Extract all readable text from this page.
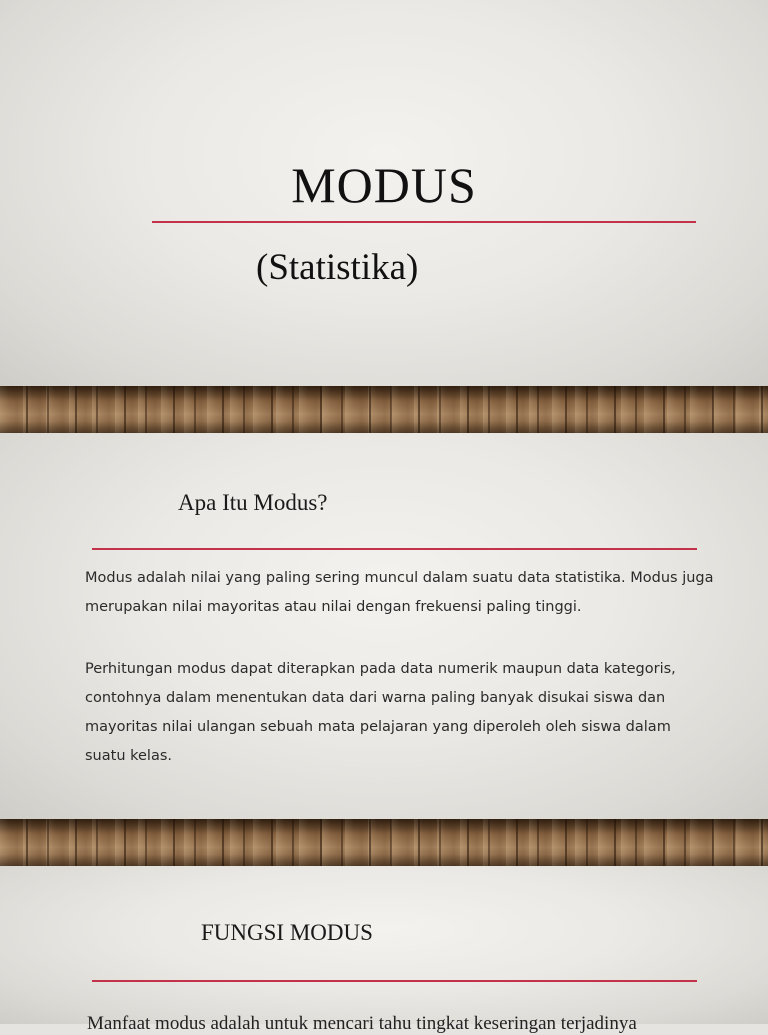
MODUS
(Statistika)
Apa Itu Modus?

Modus adalah nilai yang paling sering muncul dalam suatu data statistika. Modus juga merupakan nilai mayoritas atau nilai dengan frekuensi paling tinggi.

Perhitungan modus dapat diterapkan pada data numerik maupun data kategoris, contohnya dalam menentukan data dari warna paling banyak disukai siswa dan mayoritas nilai ulangan sebuah mata pelajaran yang diperoleh oleh siswa dalam suatu kelas.

FUNGSI MODUS
Manfaat modus adalah untuk mencari tahu tingkat keseringan terjadinya
